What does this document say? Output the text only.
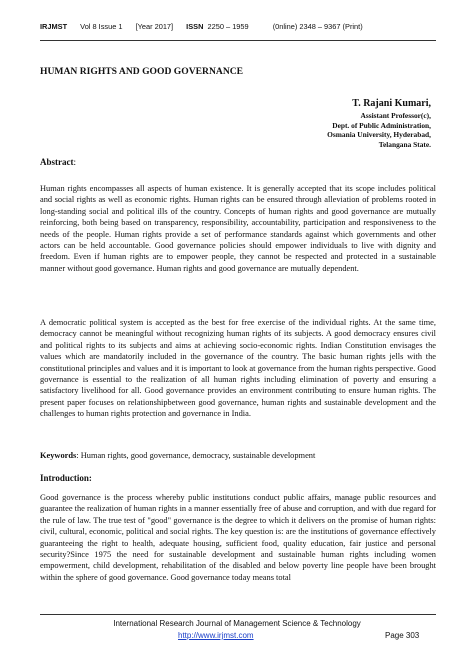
IRJMST Vol 8 Issue 1 [Year 2017] ISSN 2250 – 1959	(0nline) 2348 – 9367 (Print)
HUMAN RIGHTS AND GOOD GOVERNANCE
T. Rajani Kumari,
Assistant Professor(c),
Dept. of Public Administration,
Osmania University, Hyderabad,
Telangana State.
Abstract:
Human rights encompasses all aspects of human existence. It is generally accepted that its scope includes political and social rights as well as economic rights. Human rights can be ensured through alleviation of problems rooted in long-standing social and political ills of the country. Concepts of human rights and good governance are mutually reinforcing, both being based on transparency, responsibility, accountability, participation and responsiveness to the needs of the people. Human rights provide a set of performance standards against which governments and other actors can be held accountable. Good governance policies should empower individuals to live with dignity and freedom. Even if human rights are to empower people, they cannot be respected and protected in a sustainable manner without good governance. Human rights and good governance are mutually dependent.
A democratic political system is accepted as the best for free exercise of the individual rights. At the same time, democracy cannot be meaningful without recognizing human rights of its subjects. A good democracy ensures civil and political rights to its subjects and aims at achieving socio-economic rights. Indian Constitution envisages the values which are mandatorily included in the governance of the country. The basic human rights jells with the constitutional principles and values and it is important to look at governance from the human rights perspective. Good governance is essential to the realization of all human rights including elimination of poverty and ensuring a satisfactory livelihood for all. Good governance provides an environment contributing to ensure human rights. The present paper focuses on relationshipbetween good governance, human rights and sustainable development and the challenges to human rights protection and governance in India.
Keywords: Human rights, good governance, democracy, sustainable development
Introduction:
Good governance is the process whereby public institutions conduct public affairs, manage public resources and guarantee the realization of human rights in a manner essentially free of abuse and corruption, and with due regard for the rule of law. The true test of "good" governance is the degree to which it delivers on the promise of human rights: civil, cultural, economic, political and social rights. The key question is: are the institutions of governance effectively guaranteeing the right to health, adequate housing, sufficient food, quality education, fair justice and personal security?Since 1975 the need for sustainable development and sustainable human rights including women empowerment, child development, rehabilitation of the disabled and below poverty line people have been brought within the sphere of good governance. Good governance today means total
International Research Journal of Management Science & Technology
http://www.irjmst.com	Page 303
